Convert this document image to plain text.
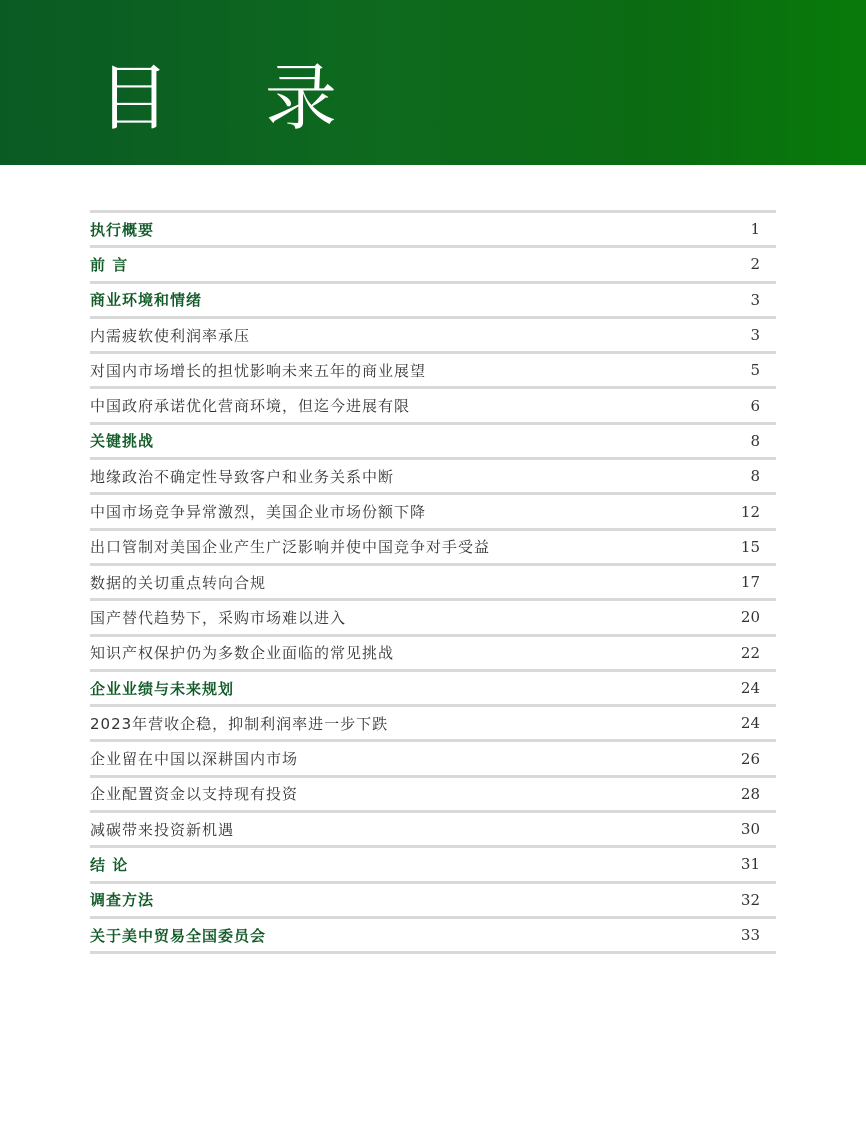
目 录
执行概要	1
前 言	2
商业环境和情绪	3
内需疲软使利润率承压	3
对国内市场增长的担忧影响未来五年的商业展望	5
中国政府承诺优化营商环境，但迄今进展有限	6
关键挑战	8
地缘政治不确定性导致客户和业务关系中断	8
中国市场竞争异常激烈，美国企业市场份额下降	12
出口管制对美国企业产生广泛影响并使中国竞争对手受益	15
数据的关切重点转向合规	17
国产替代趋势下，采购市场难以进入	20
知识产权保护仍为多数企业面临的常见挑战	22
企业业绩与未来规划	24
2023年营收企稳，抑制利润率进一步下跌	24
企业留在中国以深耕国内市场	26
企业配置资金以支持现有投资	28
减碳带来投资新机遇	30
结 论	31
调查方法	32
关于美中贸易全国委员会	33
